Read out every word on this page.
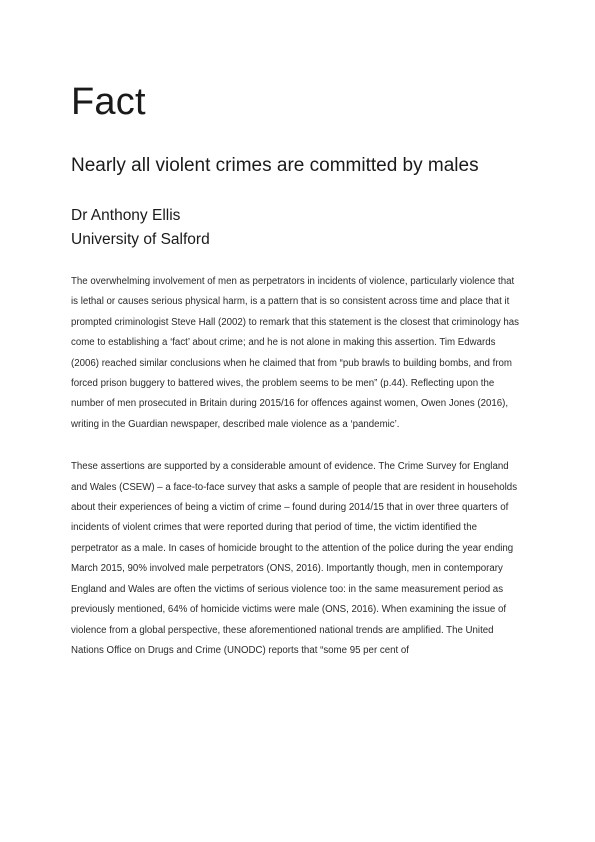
Fact
Nearly all violent crimes are committed by males
Dr Anthony Ellis
University of Salford

The overwhelming involvement of men as perpetrators in incidents of violence, particularly violence that is lethal or causes serious physical harm, is a pattern that is so consistent across time and place that it prompted criminologist Steve Hall (2002) to remark that this statement is the closest that criminology has come to establishing a ‘fact’ about crime; and he is not alone in making this assertion. Tim Edwards (2006) reached similar conclusions when he claimed that from “pub brawls to building bombs, and from forced prison buggery to battered wives, the problem seems to be men” (p.44). Reflecting upon the number of men prosecuted in Britain during 2015/16 for offences against women, Owen Jones (2016), writing in the Guardian newspaper, described male violence as a ‘pandemic’.

These assertions are supported by a considerable amount of evidence. The Crime Survey for England and Wales (CSEW) – a face-to-face survey that asks a sample of people that are resident in households about their experiences of being a victim of crime – found during 2014/15 that in over three quarters of incidents of violent crimes that were reported during that period of time, the victim identified the perpetrator as a male. In cases of homicide brought to the attention of the police during the year ending March 2015, 90% involved male perpetrators (ONS, 2016). Importantly though, men in contemporary England and Wales are often the victims of serious violence too: in the same measurement period as previously mentioned, 64% of homicide victims were male (ONS, 2016). When examining the issue of violence from a global perspective, these aforementioned national trends are amplified. The United Nations Office on Drugs and Crime (UNODC) reports that “some 95 per cent of
